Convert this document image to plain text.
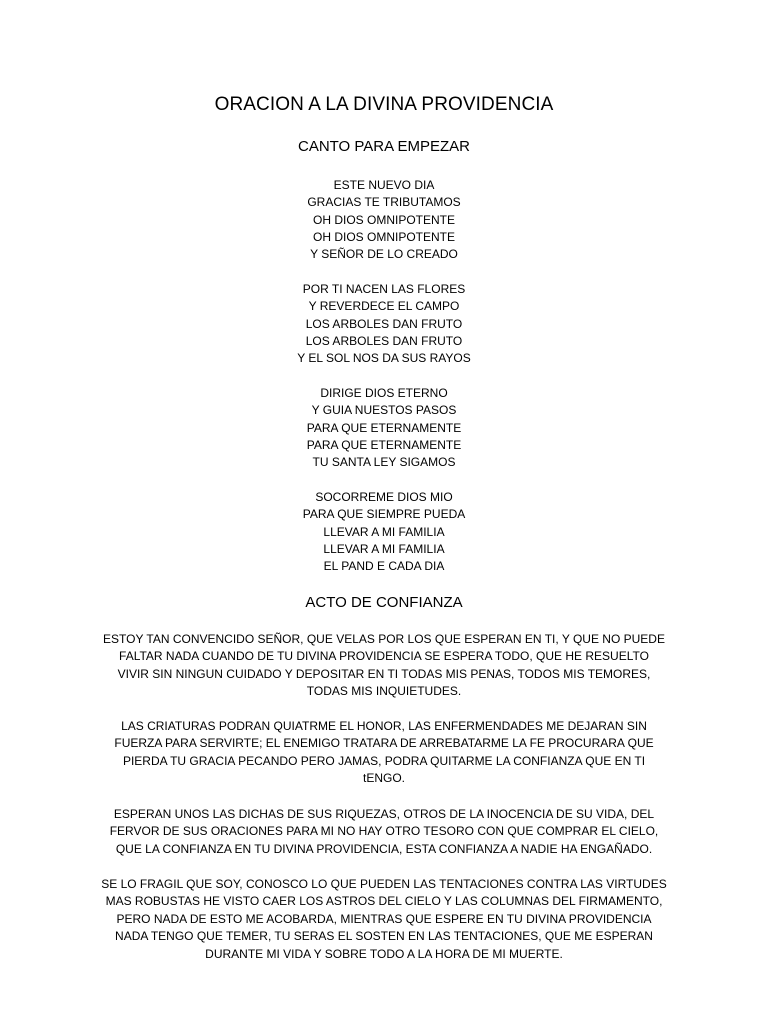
ORACION A LA DIVINA PROVIDENCIA
CANTO PARA EMPEZAR
ESTE NUEVO DIA
GRACIAS TE TRIBUTAMOS
OH DIOS OMNIPOTENTE
OH DIOS OMNIPOTENTE
Y SEÑOR DE LO CREADO
POR TI NACEN LAS FLORES
Y REVERDECE EL CAMPO
LOS ARBOLES DAN FRUTO
LOS ARBOLES DAN FRUTO
Y EL SOL NOS DA SUS RAYOS
DIRIGE DIOS ETERNO
Y GUIA NUESTOS PASOS
PARA QUE ETERNAMENTE
PARA QUE ETERNAMENTE
TU SANTA LEY SIGAMOS
SOCORREME DIOS MIO
PARA QUE SIEMPRE PUEDA
LLEVAR A MI FAMILIA
LLEVAR A MI FAMILIA
EL PAND E CADA DIA
ACTO DE CONFIANZA
ESTOY TAN CONVENCIDO SEÑOR, QUE VELAS POR LOS QUE ESPERAN EN TI, Y QUE NO PUEDE
FALTAR NADA CUANDO DE TU DIVINA PROVIDENCIA SE ESPERA TODO, QUE HE RESUELTO
VIVIR SIN NINGUN CUIDADO Y DEPOSITAR EN TI TODAS MIS PENAS, TODOS MIS TEMORES,
TODAS MIS INQUIETUDES.
LAS CRIATURAS PODRAN QUIATRME EL HONOR, LAS ENFERMENDADES ME DEJARAN SIN
FUERZA PARA SERVIRTE; EL ENEMIGO TRATARA DE ARREBATARME LA FE PROCURARA QUE
PIERDA TU GRACIA PECANDO PERO JAMAS, PODRA QUITARME LA CONFIANZA QUE EN TI
tENGO.
ESPERAN UNOS LAS DICHAS DE SUS RIQUEZAS, OTROS DE LA INOCENCIA DE SU VIDA, DEL
FERVOR DE SUS ORACIONES PARA MI NO HAY OTRO TESORO CON QUE COMPRAR EL CIELO,
QUE LA CONFIANZA EN TU DIVINA PROVIDENCIA, ESTA CONFIANZA A NADIE HA ENGAÑADO.
SE LO FRAGIL QUE SOY, CONOSCO LO QUE PUEDEN LAS TENTACIONES CONTRA LAS VIRTUDES
MAS ROBUSTAS HE VISTO CAER LOS ASTROS DEL CIELO Y LAS COLUMNAS DEL FIRMAMENTO,
PERO NADA DE ESTO ME ACOBARDA, MIENTRAS QUE ESPERE EN TU DIVINA PROVIDENCIA
NADA TENGO QUE TEMER, TU SERAS EL SOSTEN EN LAS TENTACIONES, QUE ME ESPERAN
DURANTE MI VIDA Y SOBRE TODO A LA HORA DE MI MUERTE.
